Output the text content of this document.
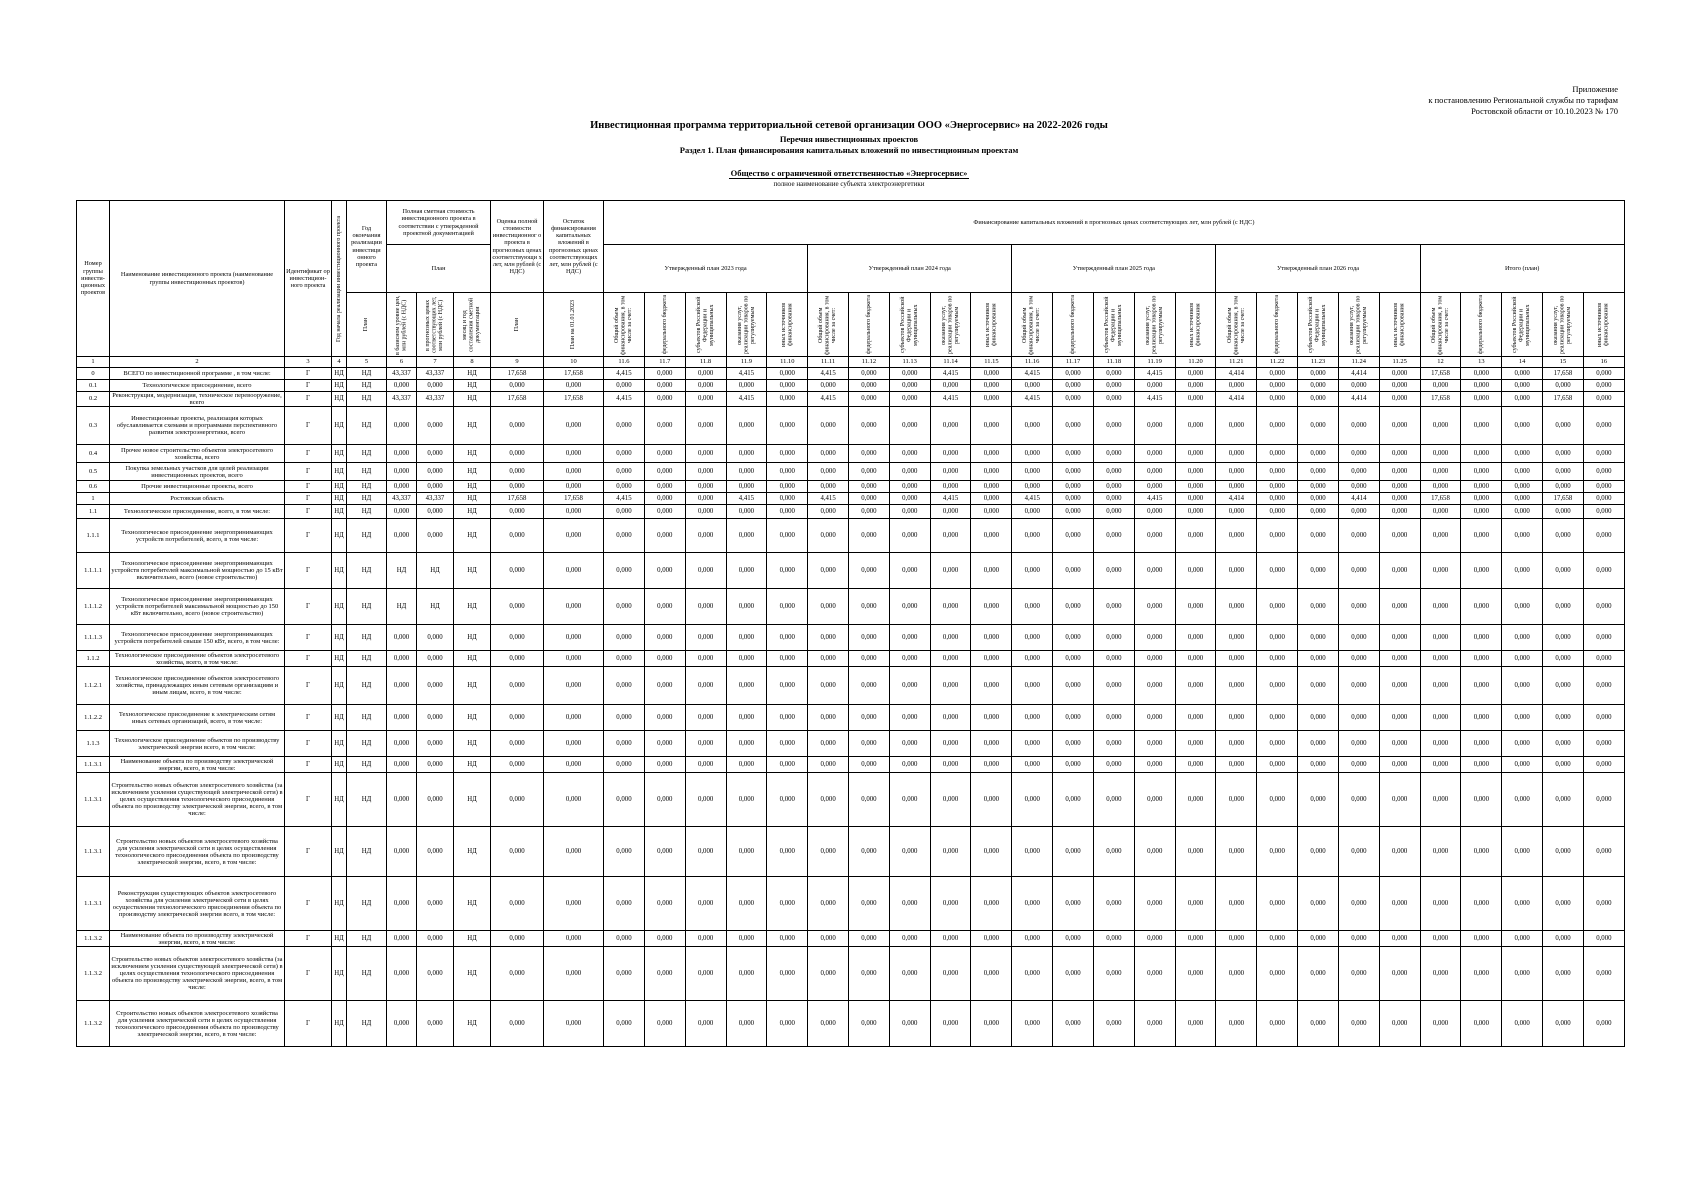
Приложение
к постановлению Региональной службы по тарифам
Ростовской области от 10.10.2023 № 170
Инвестиционная программа территориальной сетевой организации ООО «Энергосервис» на 2022-2026 годы
Перечня инвестиционных проектов
Раздел 1. План финансирования капитальных вложений по инвестиционным проектам
Общество с ограниченной ответственностью «Энергосервис»
полное наименование субъекта электроэнергетики
Номер группы инвести-ционных проектов	Наименование инвестиционного проекта (наименование группы инвестиционных проектов)	Идентификат ор инвестицион-ного проекта	Год начала реализации инвестиционного проекта	Год окончания реализации инвестици онного проекта	Полная сметная стоимость инвестиционного проекта в соответствии с утвержденной проектной документацией			Оценка полной стоимости инвестиционног о проекта в прогнозных ценах соответствующи х лет, млн рублей (с НДС)	Остаток финансирования капитальных вложений в прогнозных ценах соответствующих лет, млн рублей (с НДС)	Финансирование капитальных вложений в прогнозных ценах соответствующих лет, млн рублей (с НДС)																								
					План					Утвержденный план 2023 года					Утвержденный план 2024 года					Утвержденный план 2025 года					Утвержденный план 2026 года					Итого (план)				

				План	в базисном уровне цен, млн рублей (с НДС)	в прогнозных ценах соответствующих лет, млн рублей (с НДС)	месяц и год составления сметной документации	План	План на 01.01.2023	Общий объем финансирования, в том числе за счет:	федерального бюджета	субъектов Российской Федерации и муниципальных	оказания услуг, реализации товаров по регулируемым	иных источников финансирования	Общий объем финансирования, в том числе за счет:	федерального бюджета	субъектов Российской Федерации и муниципальных	оказания услуг, реализации товаров по регулируемым	иных источников финансирования	Общий объем финансирования, в том числе за счет:	федерального бюджета	субъектов Российской Федерации и муниципальных	оказания услуг, реализации товаров по регулируемым	иных источников финансирования	Общий объем финансирования, в том числе за счет:	федерального бюджета	субъектов Российской Федерации и муниципальных	оказания услуг, реализации товаров по регулируемым	иных источников финансирования	Общий объем финансирования, в том числе за счет:	федерального бюджета	субъектов Российской Федерации и муниципальных	оказания услуг, реализации товаров по регулируемым	иных источников финансирования

1	2	3	4	5	6	7	8	9	10	11.6	11.7	11.8	11.9	11.10	11.11	11.12	11.13	11.14	11.15	11.16	11.17	11.18	11.19	11.20	11.21	11.22	11.23	11.24	11.25	12	13	14	15	16
0	ВСЕГО по инвестиционной программе , в том числе:	Г	НД	НД	43,337	43,337	НД	17,658	17,658	4,415	0,000	0,000	4,415	0,000	4,415	0,000	0,000	4,415	0,000	4,415	0,000	0,000	4,415	0,000	4,414	0,000	0,000	4,414	0,000	17,658	0,000	0,000	17,658	0,000
0.1	Технологическое присоединение, всего	Г	НД	НД	0,000	0,000	НД	0,000	0,000	0,000	0,000	0,000	0,000	0,000	0,000	0,000	0,000	0,000	0,000	0,000	0,000	0,000	0,000	0,000	0,000	0,000	0,000	0,000	0,000	0,000	0,000	0,000	0,000	0,000
0.2	Реконструкция, модернизация, техническое перевооружение, всего	Г	НД	НД	43,337	43,337	НД	17,658	17,658	4,415	0,000	0,000	4,415	0,000	4,415	0,000	0,000	4,415	0,000	4,415	0,000	0,000	4,415	0,000	4,414	0,000	0,000	4,414	0,000	17,658	0,000	0,000	17,658	0,000
0.3	Инвестиционные проекты, реализация которых обуславливается схемами и программами перспективного развития электроэнергетики, всего	Г	НД	НД	0,000	0,000	НД	0,000	0,000	0,000	0,000	0,000	0,000	0,000	0,000	0,000	0,000	0,000	0,000	0,000	0,000	0,000	0,000	0,000	0,000	0,000	0,000	0,000	0,000	0,000	0,000	0,000	0,000	0,000
0.4	Прочее новое строительство объектов электросетевого хозяйства, всего	Г	НД	НД	0,000	0,000	НД	0,000	0,000	0,000	0,000	0,000	0,000	0,000	0,000	0,000	0,000	0,000	0,000	0,000	0,000	0,000	0,000	0,000	0,000	0,000	0,000	0,000	0,000	0,000	0,000	0,000	0,000	0,000
0.5	Покупка земельных участков для целей реализации инвестиционных проектов, всего	Г	НД	НД	0,000	0,000	НД	0,000	0,000	0,000	0,000	0,000	0,000	0,000	0,000	0,000	0,000	0,000	0,000	0,000	0,000	0,000	0,000	0,000	0,000	0,000	0,000	0,000	0,000	0,000	0,000	0,000	0,000	0,000
0.6	Прочие инвестиционные проекты, всего	Г	НД	НД	0,000	0,000	НД	0,000	0,000	0,000	0,000	0,000	0,000	0,000	0,000	0,000	0,000	0,000	0,000	0,000	0,000	0,000	0,000	0,000	0,000	0,000	0,000	0,000	0,000	0,000	0,000	0,000	0,000	0,000
1	Ростовская область	Г	НД	НД	43,337	43,337	НД	17,658	17,658	4,415	0,000	0,000	4,415	0,000	4,415	0,000	0,000	4,415	0,000	4,415	0,000	0,000	4,415	0,000	4,414	0,000	0,000	4,414	0,000	17,658	0,000	0,000	17,658	0,000
1.1	Технологическое присоединение, всего, в том числе:	Г	НД	НД	0,000	0,000	НД	0,000	0,000	0,000	0,000	0,000	0,000	0,000	0,000	0,000	0,000	0,000	0,000	0,000	0,000	0,000	0,000	0,000	0,000	0,000	0,000	0,000	0,000	0,000	0,000	0,000	0,000	0,000
1.1.1	Технологическое присоединение энергопринимающих устройств потребителей, всего, в том числе:	Г	НД	НД	0,000	0,000	НД	0,000	0,000	0,000	0,000	0,000	0,000	0,000	0,000	0,000	0,000	0,000	0,000	0,000	0,000	0,000	0,000	0,000	0,000	0,000	0,000	0,000	0,000	0,000	0,000	0,000	0,000	0,000
1.1.1.1	Технологическое присоединение энергопринимающих устройств потребителей максимальной мощностью до 15 кВт включительно, всего (новое строительство)	Г	НД	НД	НД	НД	НД	0,000	0,000	0,000	0,000	0,000	0,000	0,000	0,000	0,000	0,000	0,000	0,000	0,000	0,000	0,000	0,000	0,000	0,000	0,000	0,000	0,000	0,000	0,000	0,000	0,000	0,000	0,000
1.1.1.2	Технологическое присоединение энергопринимающих устройств потребителей максимальной мощностью до 150 кВт включительно, всего (новое строительство)	Г	НД	НД	НД	НД	НД	0,000	0,000	0,000	0,000	0,000	0,000	0,000	0,000	0,000	0,000	0,000	0,000	0,000	0,000	0,000	0,000	0,000	0,000	0,000	0,000	0,000	0,000	0,000	0,000	0,000	0,000	0,000
1.1.1.3	Технологическое присоединение энергопринимающих устройств потребителей свыше 150 кВт, всего, в том числе:	Г	НД	НД	0,000	0,000	НД	0,000	0,000	0,000	0,000	0,000	0,000	0,000	0,000	0,000	0,000	0,000	0,000	0,000	0,000	0,000	0,000	0,000	0,000	0,000	0,000	0,000	0,000	0,000	0,000	0,000	0,000	0,000
1.1.2	Технологическое присоединение объектов электросетевого хозяйства, всего, в том числе:	Г	НД	НД	0,000	0,000	НД	0,000	0,000	0,000	0,000	0,000	0,000	0,000	0,000	0,000	0,000	0,000	0,000	0,000	0,000	0,000	0,000	0,000	0,000	0,000	0,000	0,000	0,000	0,000	0,000	0,000	0,000	0,000
1.1.2.1	Технологическое присоединение объектов электросетевого хозяйства, принадлежащих иным сетевым организациям и иным лицам, всего, в том числе:	Г	НД	НД	0,000	0,000	НД	0,000	0,000	0,000	0,000	0,000	0,000	0,000	0,000	0,000	0,000	0,000	0,000	0,000	0,000	0,000	0,000	0,000	0,000	0,000	0,000	0,000	0,000	0,000	0,000	0,000	0,000	0,000
1.1.2.2	Технологическое присоединение к электрическим сетям иных сетевых организаций, всего, в том числе:	Г	НД	НД	0,000	0,000	НД	0,000	0,000	0,000	0,000	0,000	0,000	0,000	0,000	0,000	0,000	0,000	0,000	0,000	0,000	0,000	0,000	0,000	0,000	0,000	0,000	0,000	0,000	0,000	0,000	0,000	0,000	0,000
1.1.3	Технологическое присоединение объектов по производству электрической энергии всего, в том числе:	Г	НД	НД	0,000	0,000	НД	0,000	0,000	0,000	0,000	0,000	0,000	0,000	0,000	0,000	0,000	0,000	0,000	0,000	0,000	0,000	0,000	0,000	0,000	0,000	0,000	0,000	0,000	0,000	0,000	0,000	0,000	0,000
1.1.3.1	Наименование объекта по производству электрической энергии, всего, в том числе:	Г	НД	НД	0,000	0,000	НД	0,000	0,000	0,000	0,000	0,000	0,000	0,000	0,000	0,000	0,000	0,000	0,000	0,000	0,000	0,000	0,000	0,000	0,000	0,000	0,000	0,000	0,000	0,000	0,000	0,000	0,000	0,000
1.1.3.1	Строительство новых объектов электросетевого хозяйства (за исключением усиления существующей электрической сети) в целях осуществления технологического присоединения объекта по производству электрической энергии, всего, в том числе:	Г	НД	НД	0,000	0,000	НД	0,000	0,000	0,000	0,000	0,000	0,000	0,000	0,000	0,000	0,000	0,000	0,000	0,000	0,000	0,000	0,000	0,000	0,000	0,000	0,000	0,000	0,000	0,000	0,000	0,000	0,000	0,000
1.1.3.1	Строительство новых объектов электросетевого хозяйства для усиления электрической сети в целях осуществления технологического присоединения объекта по производству электрической энергии, всего, в том числе:	Г	НД	НД	0,000	0,000	НД	0,000	0,000	0,000	0,000	0,000	0,000	0,000	0,000	0,000	0,000	0,000	0,000	0,000	0,000	0,000	0,000	0,000	0,000	0,000	0,000	0,000	0,000	0,000	0,000	0,000	0,000	0,000
1.1.3.1	Реконструкция существующих объектов электросетевого хозяйства для усиления электрической сети в целях осуществления технологического присоединения объекта по производству электрической энергии всего, в том числе:	Г	НД	НД	0,000	0,000	НД	0,000	0,000	0,000	0,000	0,000	0,000	0,000	0,000	0,000	0,000	0,000	0,000	0,000	0,000	0,000	0,000	0,000	0,000	0,000	0,000	0,000	0,000	0,000	0,000	0,000	0,000	0,000
1.1.3.2	Наименование объекта по производству электрической энергии, всего, в том числе:	Г	НД	НД	0,000	0,000	НД	0,000	0,000	0,000	0,000	0,000	0,000	0,000	0,000	0,000	0,000	0,000	0,000	0,000	0,000	0,000	0,000	0,000	0,000	0,000	0,000	0,000	0,000	0,000	0,000	0,000	0,000	0,000
1.1.3.2	Строительство новых объектов электросетевого хозяйства (за исключением усиления существующей электрической сети) в целях осуществления технологического присоединения объекта по производству электрической энергии, всего, в том числе:	Г	НД	НД	0,000	0,000	НД	0,000	0,000	0,000	0,000	0,000	0,000	0,000	0,000	0,000	0,000	0,000	0,000	0,000	0,000	0,000	0,000	0,000	0,000	0,000	0,000	0,000	0,000	0,000	0,000	0,000	0,000	0,000
1.1.3.2	Строительство новых объектов электросетевого хозяйства для усиления электрической сети в целях осуществления технологического присоединения объекта по производству электрической энергии, всего, в том числе:	Г	НД	НД	0,000	0,000	НД	0,000	0,000	0,000	0,000	0,000	0,000	0,000	0,000	0,000	0,000	0,000	0,000	0,000	0,000	0,000	0,000	0,000	0,000	0,000	0,000	0,000	0,000	0,000	0,000	0,000	0,000	0,000
